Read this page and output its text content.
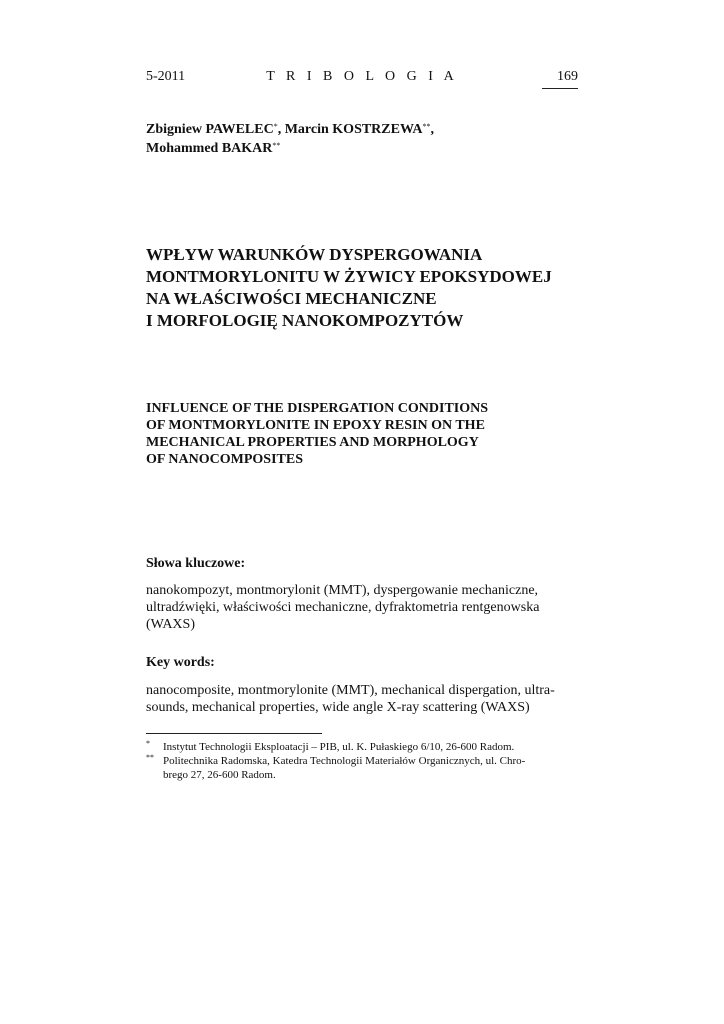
5-2011	T R I B O L O G I A	169
Zbigniew PAWELEC*, Marcin KOSTRZEWA**,
Mohammed BAKAR**
WPŁYW WARUNKÓW DYSPERGOWANIA
MONTMORYLONITU W ŻYWICY EPOKSYDOWEJ
NA WŁAŚCIWOŚCI MECHANICZNE
I MORFOLOGIĘ NANOKOMPOZYTÓW
INFLUENCE OF THE DISPERGATION CONDITIONS
OF MONTMORYLONITE IN EPOXY RESIN ON THE
MECHANICAL PROPERTIES AND MORPHOLOGY
OF NANOCOMPOSITES
Słowa kluczowe:
nanokompozyt, montmorylonit (MMT), dyspergowanie mechaniczne,
ultradźwięki, właściwości mechaniczne, dyfraktometria rentgenowska
(WAXS)
Key words:
nanocomposite, montmorylonite (MMT), mechanical dispergation, ultra-
sounds, mechanical properties, wide angle X-ray scattering (WAXS)
* Instytut Technologii Eksploatacji – PIB, ul. K. Pułaskiego 6/10, 26-600 Radom.
** Politechnika Radomska, Katedra Technologii Materiałów Organicznych, ul. Chro-
brego 27, 26-600 Radom.
